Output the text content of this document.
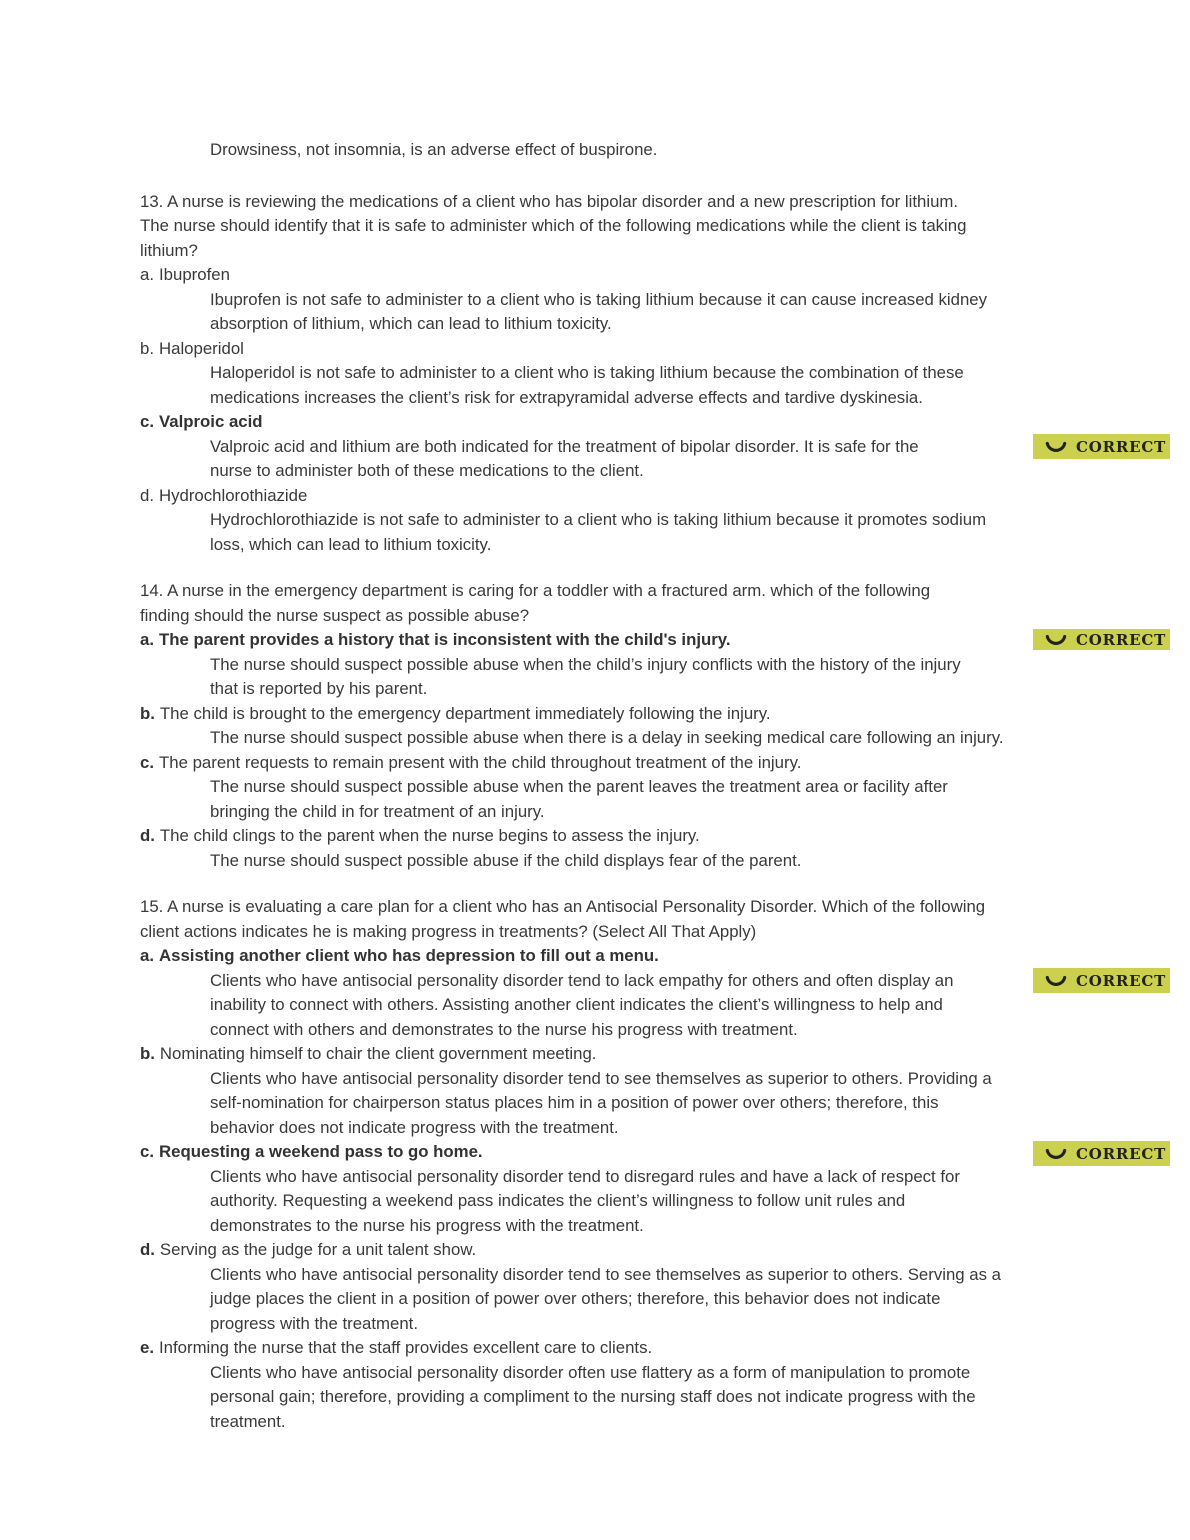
Drowsiness, not insomnia, is an adverse effect of buspirone.
13. A nurse is reviewing the medications of a client who has bipolar disorder and a new prescription for lithium.
The nurse should identify that it is safe to administer which of the following medications while the client is taking
lithium?
a. Ibuprofen
Ibuprofen is not safe to administer to a client who is taking lithium because it can cause increased kidney
absorption of lithium, which can lead to lithium toxicity.
b. Haloperidol
Haloperidol is not safe to administer to a client who is taking lithium because the combination of these
medications increases the client’s risk for extrapyramidal adverse effects and tardive dyskinesia.
c. Valproic acid
CORRECT
Valproic acid and lithium are both indicated for the treatment of bipolar disorder. It is safe for the
nurse to administer both of these medications to the client.
d. Hydrochlorothiazide
Hydrochlorothiazide is not safe to administer to a client who is taking lithium because it promotes sodium
loss, which can lead to lithium toxicity.
14. A nurse in the emergency department is caring for a toddler with a fractured arm. which of the following
finding should the nurse suspect as possible abuse?
a. The parent provides a history that is inconsistent with the child's injury.	CORRECT
The nurse should suspect possible abuse when the child’s injury conflicts with the history of the injury
that is reported by his parent.
b. The child is brought to the emergency department immediately following the injury.
The nurse should suspect possible abuse when there is a delay in seeking medical care following an injury.
c. The parent requests to remain present with the child throughout treatment of the injury.
The nurse should suspect possible abuse when the parent leaves the treatment area or facility after
bringing the child in for treatment of an injury.
d. The child clings to the parent when the nurse begins to assess the injury.
The nurse should suspect possible abuse if the child displays fear of the parent.
15. A nurse is evaluating a care plan for a client who has an Antisocial Personality Disorder. Which of the following
client actions indicates he is making progress in treatments? (Select All That Apply)
a. Assisting another client who has depression to fill out a menu.
CORRECT
Clients who have antisocial personality disorder tend to lack empathy for others and often display an
inability to connect with others. Assisting another client indicates the client’s willingness to help and
connect with others and demonstrates to the nurse his progress with treatment.
b. Nominating himself to chair the client government meeting.
Clients who have antisocial personality disorder tend to see themselves as superior to others. Providing a
self-nomination for chairperson status places him in a position of power over others; therefore, this
behavior does not indicate progress with the treatment.
c. Requesting a weekend pass to go home.	CORRECT
Clients who have antisocial personality disorder tend to disregard rules and have a lack of respect for
authority. Requesting a weekend pass indicates the client’s willingness to follow unit rules and
demonstrates to the nurse his progress with the treatment.
d. Serving as the judge for a unit talent show.
Clients who have antisocial personality disorder tend to see themselves as superior to others. Serving as a
judge places the client in a position of power over others; therefore, this behavior does not indicate
progress with the treatment.
e. Informing the nurse that the staff provides excellent care to clients.
Clients who have antisocial personality disorder often use flattery as a form of manipulation to promote
personal gain; therefore, providing a compliment to the nursing staff does not indicate progress with the
treatment.
